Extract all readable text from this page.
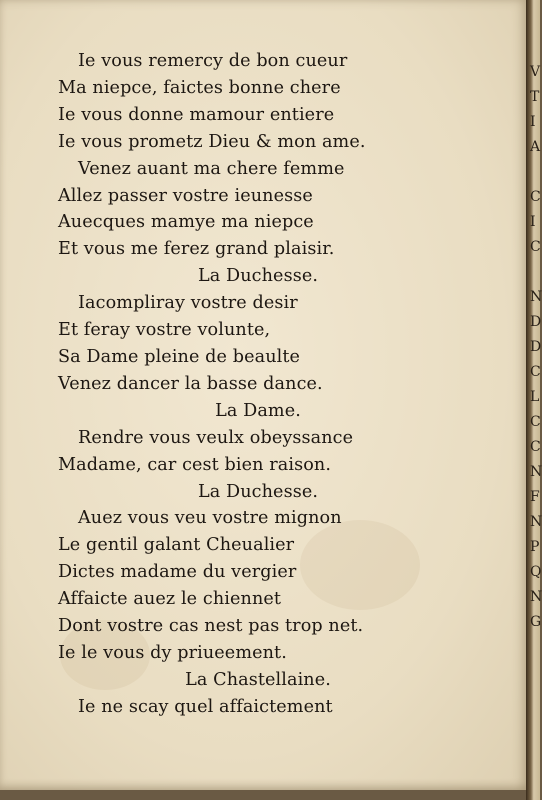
Ie vous remercy de bon cueur
Ma niepce, faictes bonne chere
Ie vous donne mamour entiere
Ie vous prometz Dieu & mon ame.
Venez auant ma chere femme
Allez passer vostre ieunesse
Auecques mamye ma niepce
Et vous me ferez grand plaisir.
La Duchesse.
Iacompliray vostre desir
Et feray vostre volunte,
Sa Dame pleine de beaulte
Venez dancer la basse dance.
La Dame.
Rendre vous veulx obeyssance
Madame, car cest bien raison.
La Duchesse.
Auez vous veu vostre mignon
Le gentil galant Cheualier
Dictes madame du vergier
Affaicte auez le chiennet
Dont vostre cas nest pas trop net.
Ie le vous dy priueement.
La Chastellaine.
Ie ne scay quel affaictement
V
T
I
A
C
I
C
N
D
D
C
L
C
C
N
F
N
P
Q
N
G
